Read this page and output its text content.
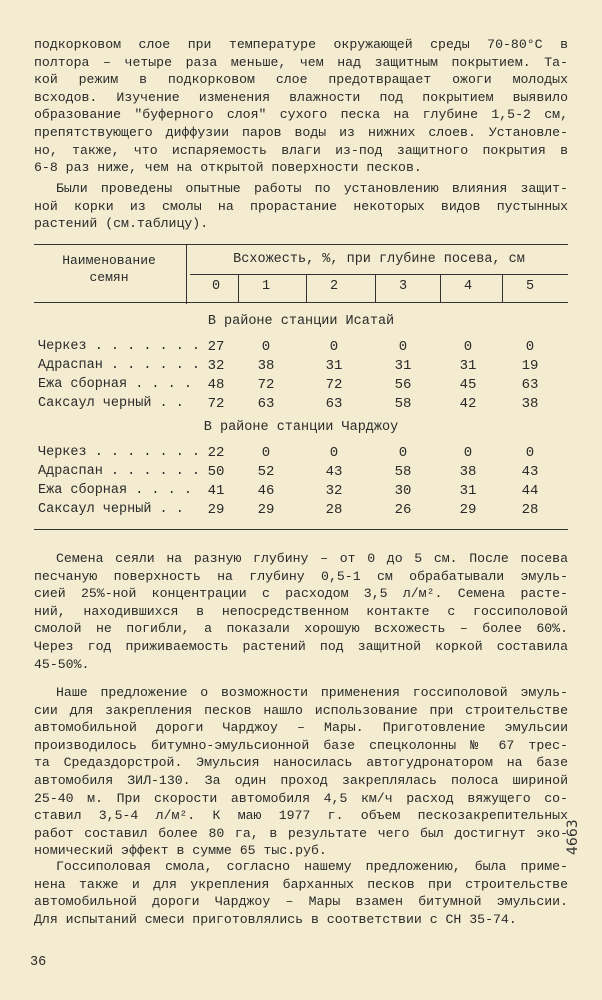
подкорковом слое при температуре окружающей среды 70-80°С в
полтора – четыре раза меньше, чем над защитным покрытием. Та-
кой режим в подкорковом слое предотвращает ожоги молодых
всходов. Изучение изменения влажности под покрытием выявило
образование "буферного слоя" сухого песка на глубине 1,5-2 см,
препятствующего диффузии паров воды из нижних слоев. Установле-
но, также, что испаряемость влаги из-под защитного покрытия в
6-8 раз ниже, чем на открытой поверхности песков.
Были проведены опытные работы по установлению влияния защит-
ной корки из смолы на прорастание некоторых видов пустынных
растений (см.таблицу).
Наименование
семян
Всхожесть, %, при глубине посева, см
0	1	2	3	4	5
В районе станции Исатай
Черкез . . . . . . . 27	0	0	0	0	0
Адраспан . . . . . . 32	38	31	31	31	19
Ежа сборная . . . .	48	72	72	56	45	63
Саксаул черный . .	72	63	63	58	42	38
В районе станции Чарджоу
Черкез . . . . . . . 22	0	0	0	0	0
Адраспан . . . . . . 50	52	43	58	38	43
Ежа сборная . . . .	41	46	32	30	31	44
Саксаул черный . .	29	29	28	26	29	28
Семена сеяли на разную глубину – от 0 до 5 см. После посева
песчаную поверхность на глубину 0,5-1 см обрабатывали эмуль-
сией 25%-ной концентрации с расходом 3,5 л/м². Семена расте-
ний, находившихся в непосредственном контакте с госсиполовой
смолой не погибли, а показали хорошую всхожесть – более 60%.
Через год приживаемость растений под защитной коркой составила
45-50%.
Наше предложение о возможности применения госсиполовой эмуль-
сии для закрепления песков нашло использование при строительстве
автомобильной дороги Чарджоу – Мары. Приготовление эмульсии
производилось битумно-эмульсионной базе спецколонны № 67 трес-
та Средаздорстрой. Эмульсия наносилась автогудронатором на базе
автомобиля ЗИЛ-130. За один проход закреплялась полоса шириной
25-40 м. При скорости автомобиля 4,5 км/ч расход вяжущего со-
ставил 3,5-4 л/м². К маю 1977 г. объем пескозакрепительных
работ составил более 80 га, в результате чего был достигнут эко-
номический эффект в сумме 65 тыс.руб.
Госсиполовая смола, согласно нашему предложению, была приме-
нена также и для укрепления барханных песков при строительстве
автомобильной дороги Чарджоу – Мары взамен битумной эмульсии.
Для испытаний смеси приготовлялись в соответствии с СН 35-74.
36
4663
